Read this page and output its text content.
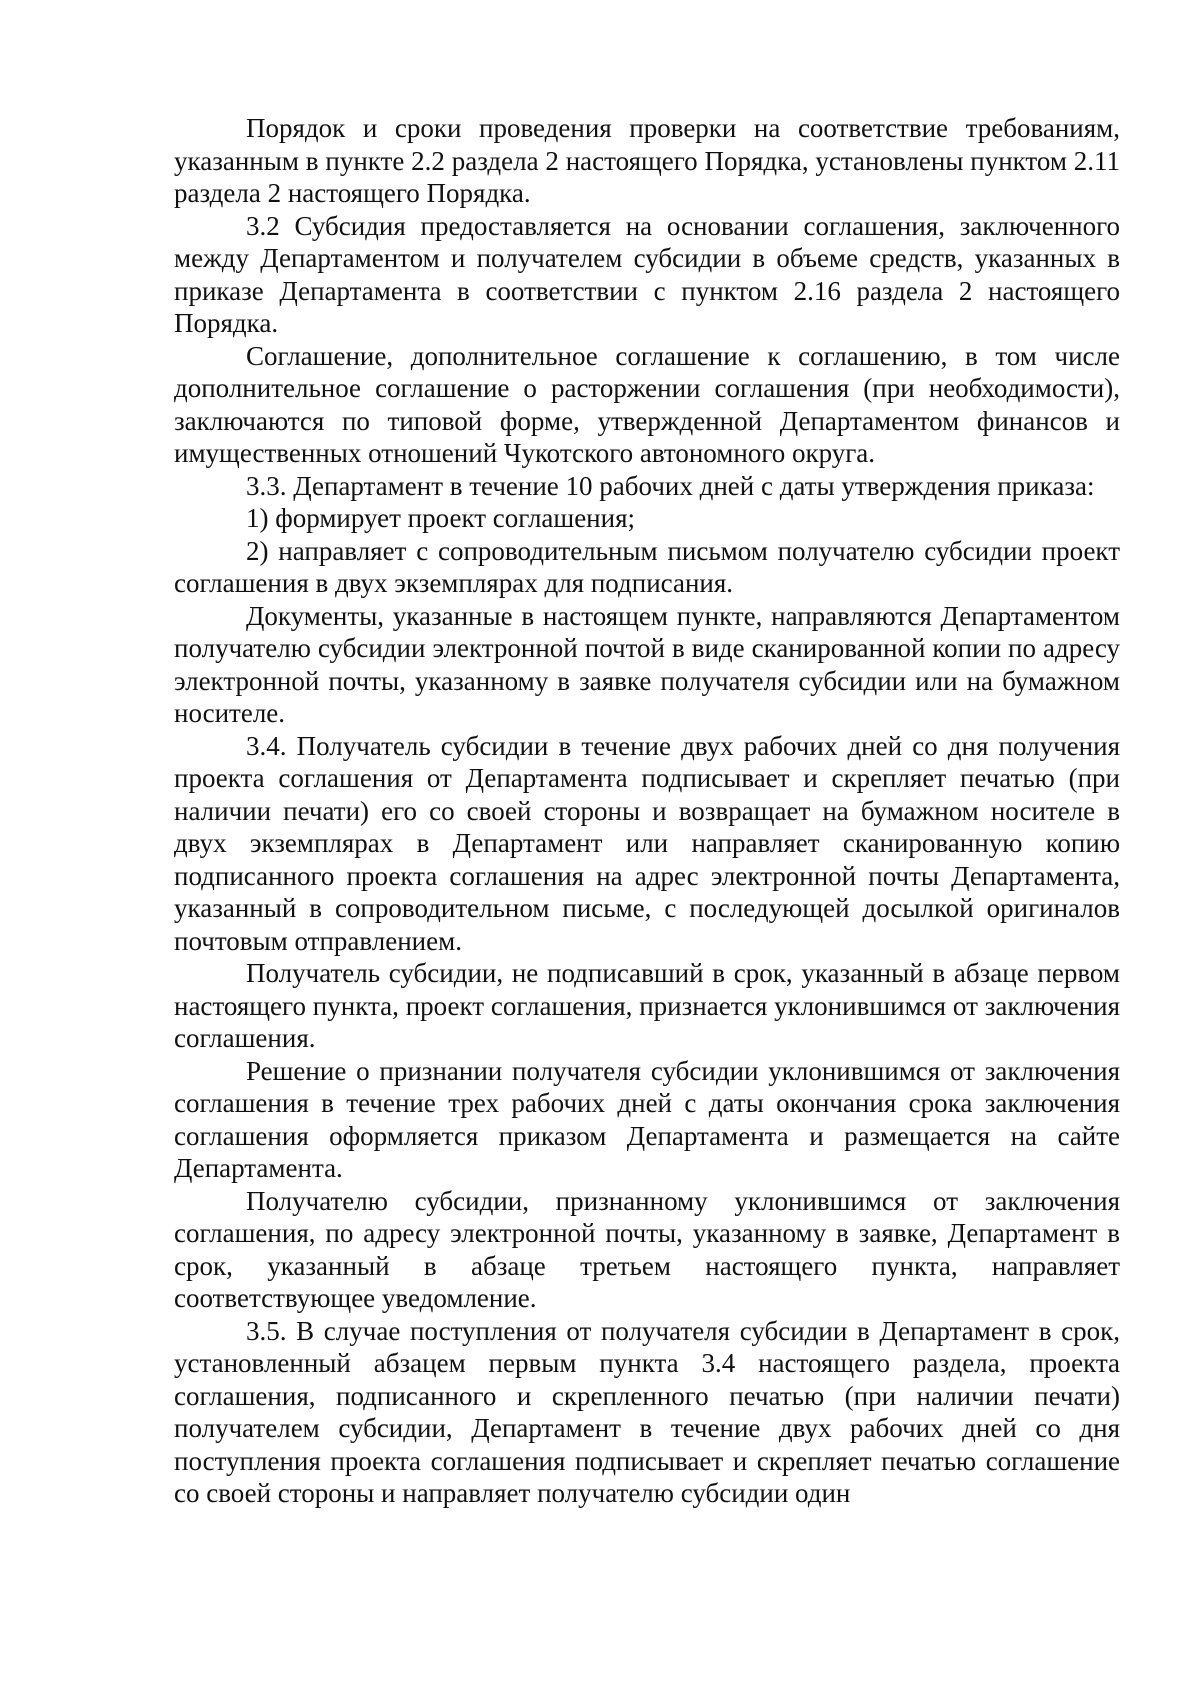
Порядок и сроки проведения проверки на соответствие требованиям, указанным в пункте 2.2 раздела 2 настоящего Порядка, установлены пунктом 2.11 раздела 2 настоящего Порядка.

3.2 Субсидия предоставляется на основании соглашения, заключенного между Департаментом и получателем субсидии в объеме средств, указанных в приказе Департамента в соответствии с пунктом 2.16 раздела 2 настоящего Порядка.

Соглашение, дополнительное соглашение к соглашению, в том числе дополнительное соглашение о расторжении соглашения (при необходимости), заключаются по типовой форме, утвержденной Департаментом финансов и имущественных отношений Чукотского автономного округа.

3.3. Департамент в течение 10 рабочих дней с даты утверждения приказа:

1) формирует проект соглашения;

2) направляет с сопроводительным письмом получателю субсидии проект соглашения в двух экземплярах для подписания.

Документы, указанные в настоящем пункте, направляются Департаментом получателю субсидии электронной почтой в виде сканированной копии по адресу электронной почты, указанному в заявке получателя субсидии или на бумажном носителе.

3.4. Получатель субсидии в течение двух рабочих дней со дня получения проекта соглашения от Департамента подписывает и скрепляет печатью (при наличии печати) его со своей стороны и возвращает на бумажном носителе в двух экземплярах в Департамент или направляет сканированную копию подписанного проекта соглашения на адрес электронной почты Департамента, указанный в сопроводительном письме, с последующей досылкой оригиналов почтовым отправлением.

Получатель субсидии, не подписавший в срок, указанный в абзаце первом настоящего пункта, проект соглашения, признается уклонившимся от заключения соглашения.

Решение о признании получателя субсидии уклонившимся от заключения соглашения в течение трех рабочих дней с даты окончания срока заключения соглашения оформляется приказом Департамента и размещается на сайте Департамента.

Получателю субсидии, признанному уклонившимся от заключения соглашения, по адресу электронной почты, указанному в заявке, Департамент в срок, указанный в абзаце третьем настоящего пункта, направляет соответствующее уведомление.

3.5. В случае поступления от получателя субсидии в Департамент в срок, установленный абзацем первым пункта 3.4 настоящего раздела, проекта соглашения, подписанного и скрепленного печатью (при наличии печати) получателем субсидии, Департамент в течение двух рабочих дней со дня поступления проекта соглашения подписывает и скрепляет печатью соглашение со своей стороны и направляет получателю субсидии один
